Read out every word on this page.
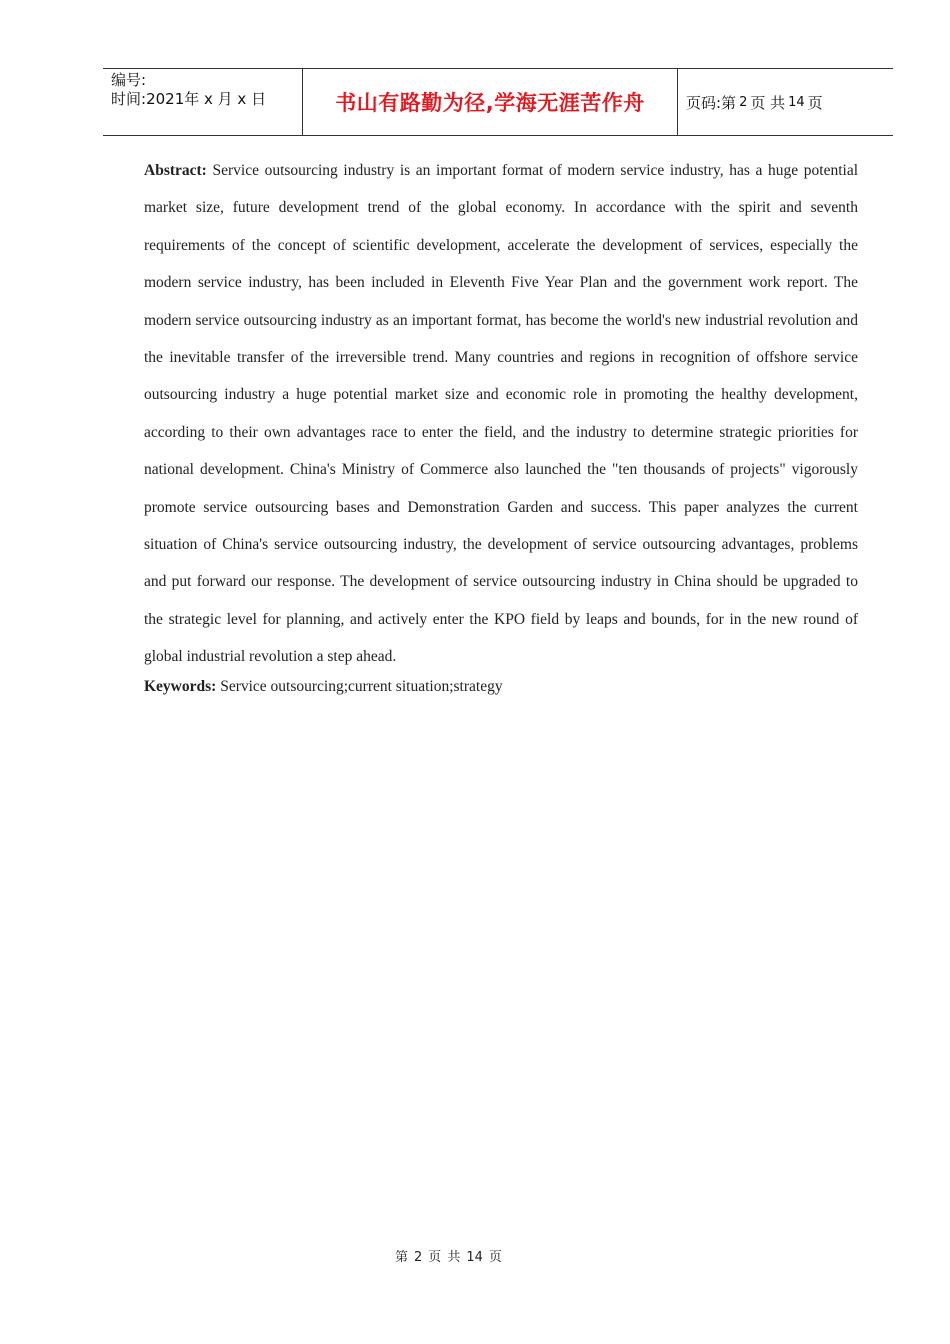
编号:
时间:2021年 x 月 x 日	书山有路勤为径,学海无涯苦作舟	页码:第 2 页 共 14 页

Abstract: Service outsourcing industry is an important format of modern service industry, has a huge potential market size, future development trend of the global economy. In accordance with the spirit and seventh requirements of the concept of scientific development, accelerate the development of services, especially the modern service industry, has been included in Eleventh Five Year Plan and the government work report. The modern service outsourcing industry as an important format, has become the world's new industrial revolution and the inevitable transfer of the irreversible trend. Many countries and regions in recognition of offshore service outsourcing industry a huge potential market size and economic role in promoting the healthy development, according to their own advantages race to enter the field, and the industry to determine strategic priorities for national development. China's Ministry of Commerce also launched the "ten thousands of projects" vigorously promote service outsourcing bases and Demonstration Garden and success. This paper analyzes the current situation of China's service outsourcing industry, the development of service outsourcing advantages, problems and put forward our response. The development of service outsourcing industry in China should be upgraded to the strategic level for planning, and actively enter the KPO field by leaps and bounds, for in the new round of global industrial revolution a step ahead.

Keywords: Service outsourcing;current situation;strategy

第 2 页 共 14 页
